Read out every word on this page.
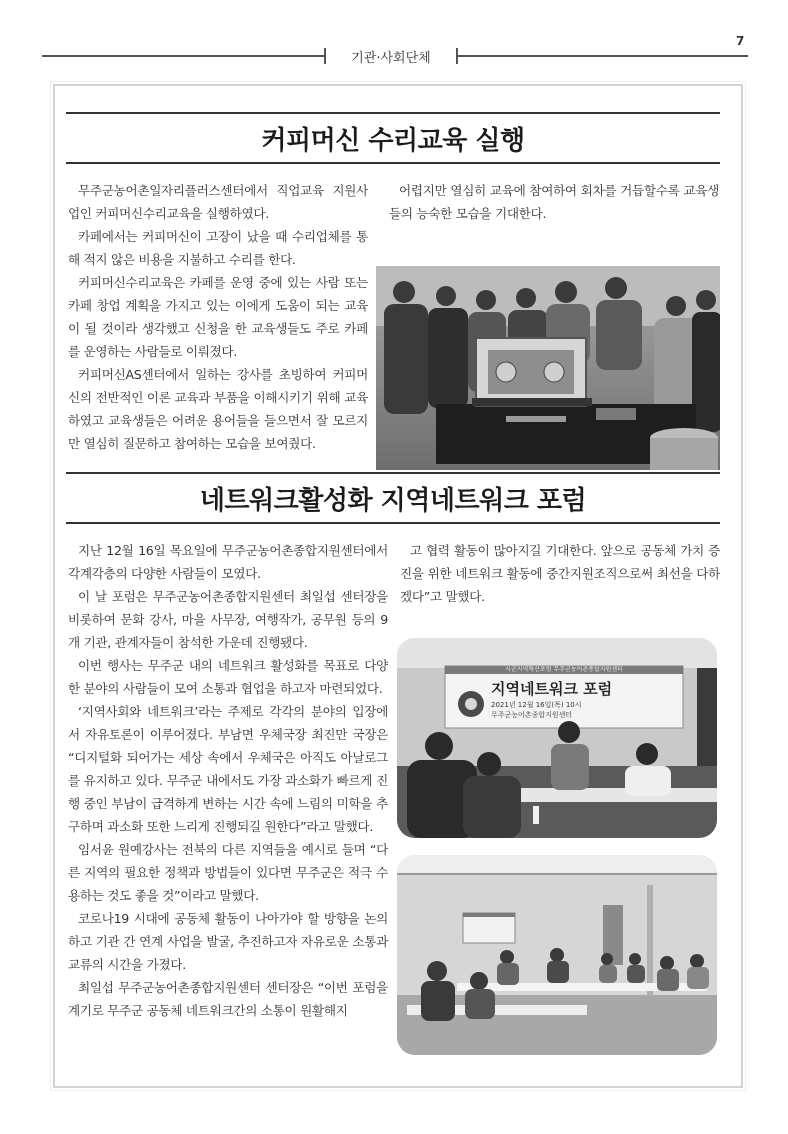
7
기관·사회단체
커피머신 수리교육 실행

무주군농어촌일자리플러스센터에서 직업교육 지원사업인 커피머신수리교육을 실행하였다.

카페에서는 커피머신이 고장이 났을 때 수리업체를 통해 적지 않은 비용을 지불하고 수리를 한다.

커피머신수리교육은 카페를 운영 중에 있는 사람 또는 카페 창업 계획을 가지고 있는 이에게 도움이 되는 교육이 될 것이라 생각했고 신청을 한 교육생들도 주로 카페를 운영하는 사람들로 이뤄졌다.

커피머신AS센터에서 일하는 강사를 초빙하여 커피머신의 전반적인 이론 교육과 부품을 이해시키기 위해 교육하였고 교육생들은 어려운 용어들을 들으면서 잘 모르지만 열심히 질문하고 참여하는 모습을 보여줬다.

어렵지만 열심히 교육에 참여하여 회차를 거듭할수록 교육생들의 능숙한 모습을 기대한다.

네트워크활성화 지역네트워크 포럼

지난 12월 16일 목요일에 무주군농어촌종합지원센터에서 각계각층의 다양한 사람들이 모였다.

이 날 포럼은 무주군농어촌종합지원센터 최일섭 센터장을 비롯하여 문화 강사, 마을 사무장, 여행작가, 공무원 등의 9개 기관, 관계자들이 참석한 가운데 진행됐다.

이번 행사는 무주군 내의 네트워크 활성화를 목표로 다양한 분야의 사람들이 모여 소통과 협업을 하고자 마련되었다.

‘지역사회와 네트워크’라는 주제로 각각의 분야의 입장에서 자유토론이 이루어졌다. 부남면 우체국장 최진만 국장은 “디지털화 되어가는 세상 속에서 우체국은 아직도 아날로그를 유지하고 있다. 무주군 내에서도 가장 과소화가 빠르게 진행 중인 부남이 급격하게 변하는 시간 속에 느림의 미학을 추구하며 과소화 또한 느리게 진행되길 원한다”라고 말했다.

임서윤 원예강사는 전북의 다른 지역들을 예시로 들며 “다른 지역의 필요한 정책과 방법들이 있다면 무주군은 적극 수용하는 것도 좋을 것”이라고 말했다.

코로나19 시대에 공동체 활동이 나아가야 할 방향을 논의하고 기관 간 연계 사업을 발굴, 추진하고자 자유로운 소통과 교류의 시간을 가졌다.

최일섭 무주군농어촌종합지원센터 센터장은 “이번 포럼을 계기로 무주군 공동체 네트워크간의 소통이 원활해지

고 협력 활동이 많아지길 기대한다. 앞으로 공동체 가치 증진을 위한 네트워크 활동에 중간지원조직으로써 최선을 다하겠다”고 말했다.

시군지역혁신포럼 무주군농어촌종합지원센터
지역네트워크 포럼
2021년 12월 16일(목) 10시
무주군농어촌종합지원센터
